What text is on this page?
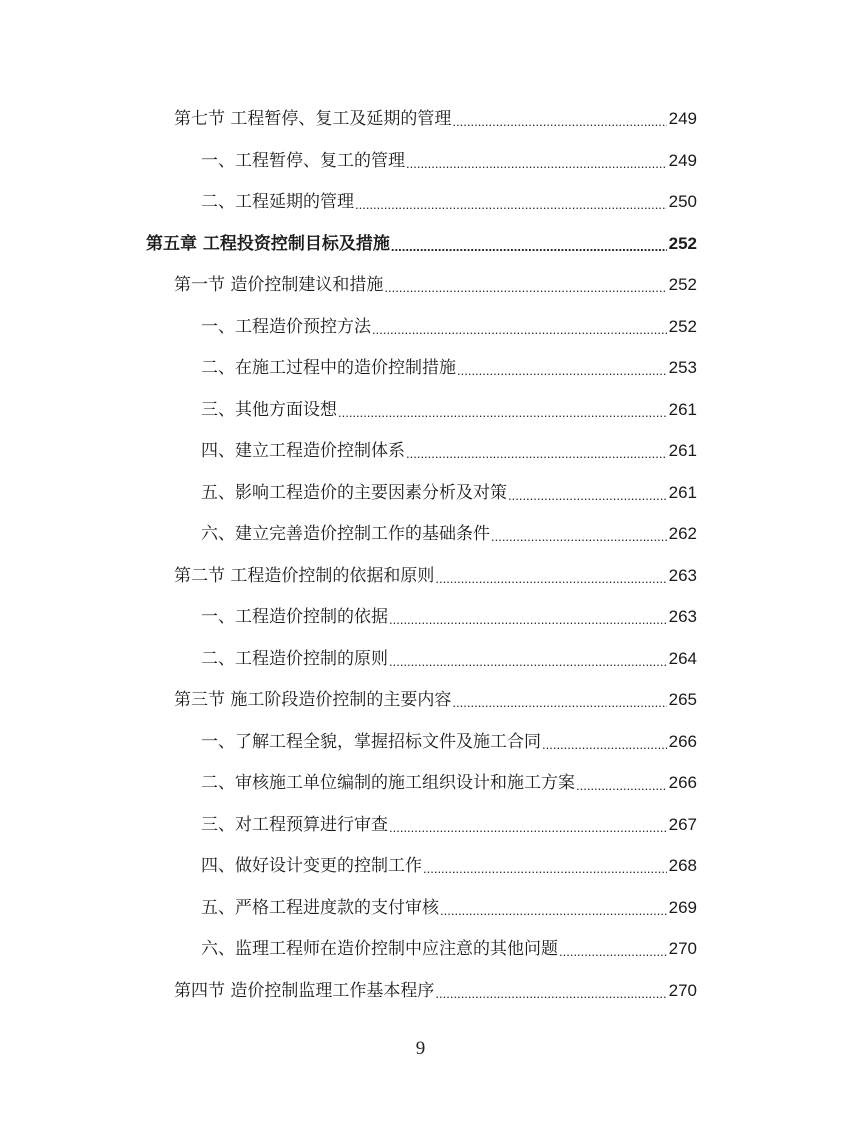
第七节 工程暂停、复工及延期的管理 .....	249
一、工程暂停、复工的管理 .....	249
二、工程延期的管理 .....	250
第五章 工程投资控制目标及措施 .....	252
第一节 造价控制建议和措施 .....	252
一、工程造价预控方法 .....	252
二、在施工过程中的造价控制措施 .....	253
三、其他方面设想 .....	261
四、建立工程造价控制体系 .....	261
五、影响工程造价的主要因素分析及对策 .....	261
六、建立完善造价控制工作的基础条件 .....	262
第二节 工程造价控制的依据和原则 .....	263
一、工程造价控制的依据 .....	263
二、工程造价控制的原则 .....	264
第三节 施工阶段造价控制的主要内容 .....	265
一、了解工程全貌，掌握招标文件及施工合同 .....	266
二、审核施工单位编制的施工组织设计和施工方案 .....	266
三、对工程预算进行审查 .....	267
四、做好设计变更的控制工作 .....	268
五、严格工程进度款的支付审核 .....	269
六、监理工程师在造价控制中应注意的其他问题 .....	270
第四节 造价控制监理工作基本程序 .....	270
9
